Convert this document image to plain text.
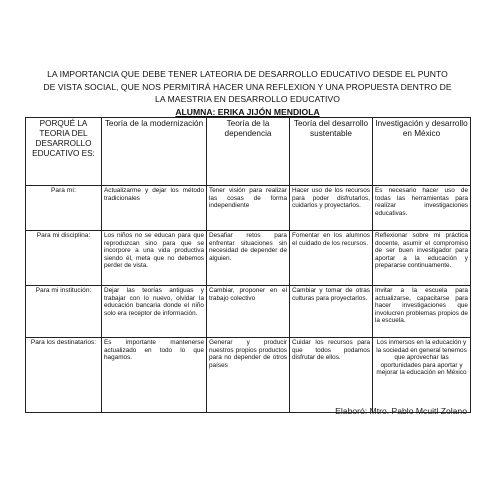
LA IMPORTANCIA QUE DEBE TENER LATEORIA DE DESARROLLO EDUCATIVO DESDE EL PUNTO DE VISTA SOCIAL, QUE NOS PERMITIRÁ HACER UNA REFLEXION Y UNA PROPUESTA DENTRO DE LA MAESTRIA EN DESARROLLO EDUCATIVO
ALUMNA: ERIKA JIJÓN MENDIOLA
PORQUÉ LA TEORIA DEL DESARROLLO EDUCATIVO ES:	Teoría de la modernización	Teoría de la dependencia	Teoría del desarrollo sustentable	Investigación y desarrollo en México
Para mí:	Actualizarme y dejar los método tradicionales	Tener visión para realizar las cosas de forma independiente	Hacer uso de los recursos para poder disfrutarlos, cuidarlos y proyectarlos.	Es necesario hacer uso de todas las herramientas para realizar investigaciones educativas.
Para mi disciplina:	Los niños no se educan para que reproduzcan sino para que se incorpore a una vida productiva siendo él, meta que no debemos perder de vista.	Desafiar retos para enfrentar situaciones sin necesidad de depender de alguien.	Fomentar en los alumnos el cuidado de los recursos.	Reflexionar sobre mi práctica docente, asumir el compromiso de ser buen investigador para aportar a la educación y prepararse continuamente.
Para mi institución:	Dejar las teorías antiguas y trabajar con lo nuevo, olvidar la educación bancaria donde el niño solo era receptor de información.	Cambiar, proponer en el trabajo colectivo	Cambiar y tomar de otras culturas para proyectarlos.	Invitar a la escuela para actualizarse, capacitarse para hacer investigaciones que involucren problemas propios de la escuela.
Para los destinatarios:	Es importante mantenerse actualizado en todo lo que hagamos.	Generar y producir nuestros propios productos para no depender de otros países	Cuidar los recursos para que todos podamos disfrutar de ellos.	Los inmersos en la educación y la sociedad en general tenemos que aprovechar las oportunidades para aportar y mejorar la educación en México
Elaboró: Mtro. Pablo Mcuitl Zolano
